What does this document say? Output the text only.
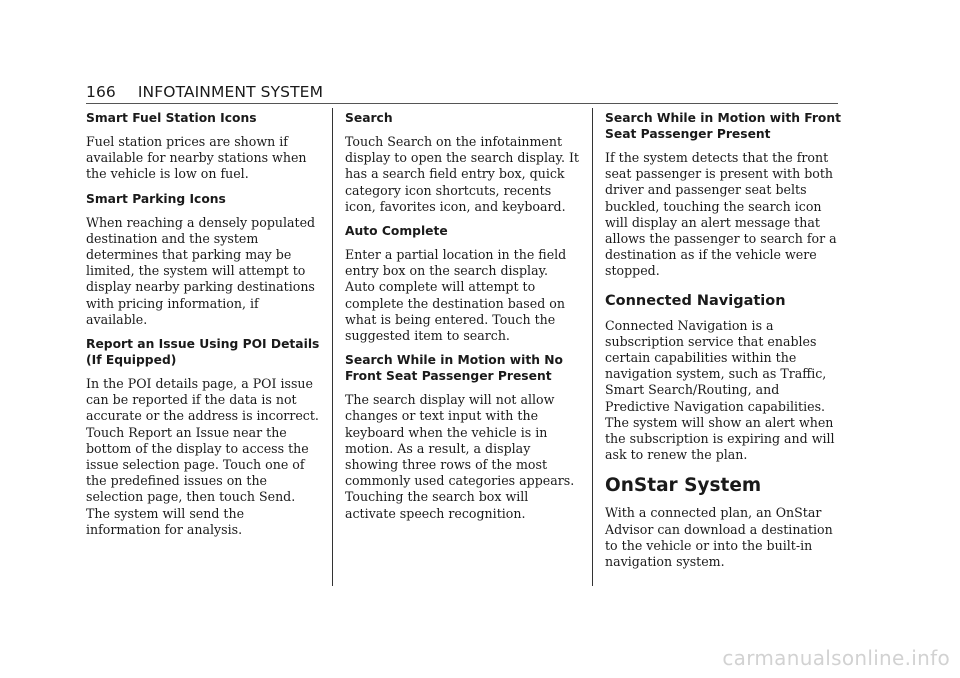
166 INFOTAINMENT SYSTEM
Smart Fuel Station Icons

Fuel station prices are shown if available for nearby stations when the vehicle is low on fuel.

Smart Parking Icons

When reaching a densely populated destination and the system determines that parking may be limited, the system will attempt to display nearby parking destinations with pricing information, if available.

Report an Issue Using POI Details (If Equipped)

In the POI details page, a POI issue can be reported if the data is not accurate or the address is incorrect. Touch Report an Issue near the bottom of the display to access the issue selection page. Touch one of the predefined issues on the selection page, then touch Send. The system will send the information for analysis.

Search

Touch Search on the infotainment display to open the search display. It has a search field entry box, quick category icon shortcuts, recents icon, favorites icon, and keyboard.

Auto Complete

Enter a partial location in the field entry box on the search display. Auto complete will attempt to complete the destination based on what is being entered. Touch the suggested item to search.

Search While in Motion with No Front Seat Passenger Present

The search display will not allow changes or text input with the keyboard when the vehicle is in motion. As a result, a display showing three rows of the most commonly used categories appears. Touching the search box will activate speech recognition.

Search While in Motion with Front Seat Passenger Present

If the system detects that the front seat passenger is present with both driver and passenger seat belts buckled, touching the search icon will display an alert message that allows the passenger to search for a destination as if the vehicle were stopped.

Connected Navigation

Connected Navigation is a subscription service that enables certain capabilities within the navigation system, such as Traffic, Smart Search/Routing, and Predictive Navigation capabilities. The system will show an alert when the subscription is expiring and will ask to renew the plan.

OnStar System

With a connected plan, an OnStar Advisor can download a destination to the vehicle or into the built-in navigation system.

carmanualsonline.info
